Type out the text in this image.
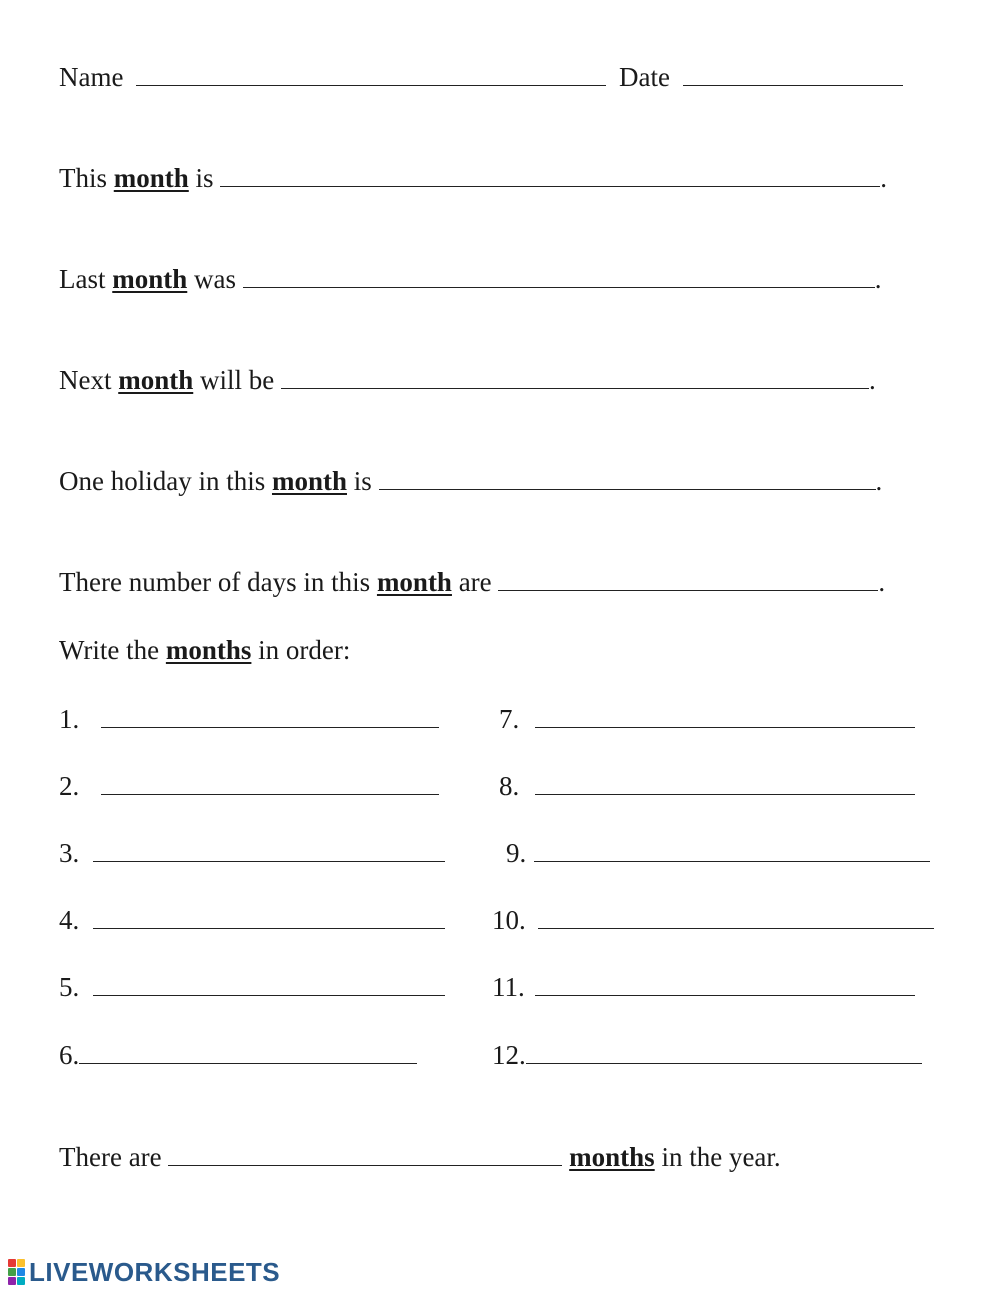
Name	Date
This month is	.
Last month was	.
Next month will be	.
One holiday in this month is	.
There number of days in this month are	.
Write the months in order:
1.
2.
3.
4.
5.
6.
7.
8.
9.
10.
11.
12.
There are	months in the year.
LIVEWORKSHEETS
